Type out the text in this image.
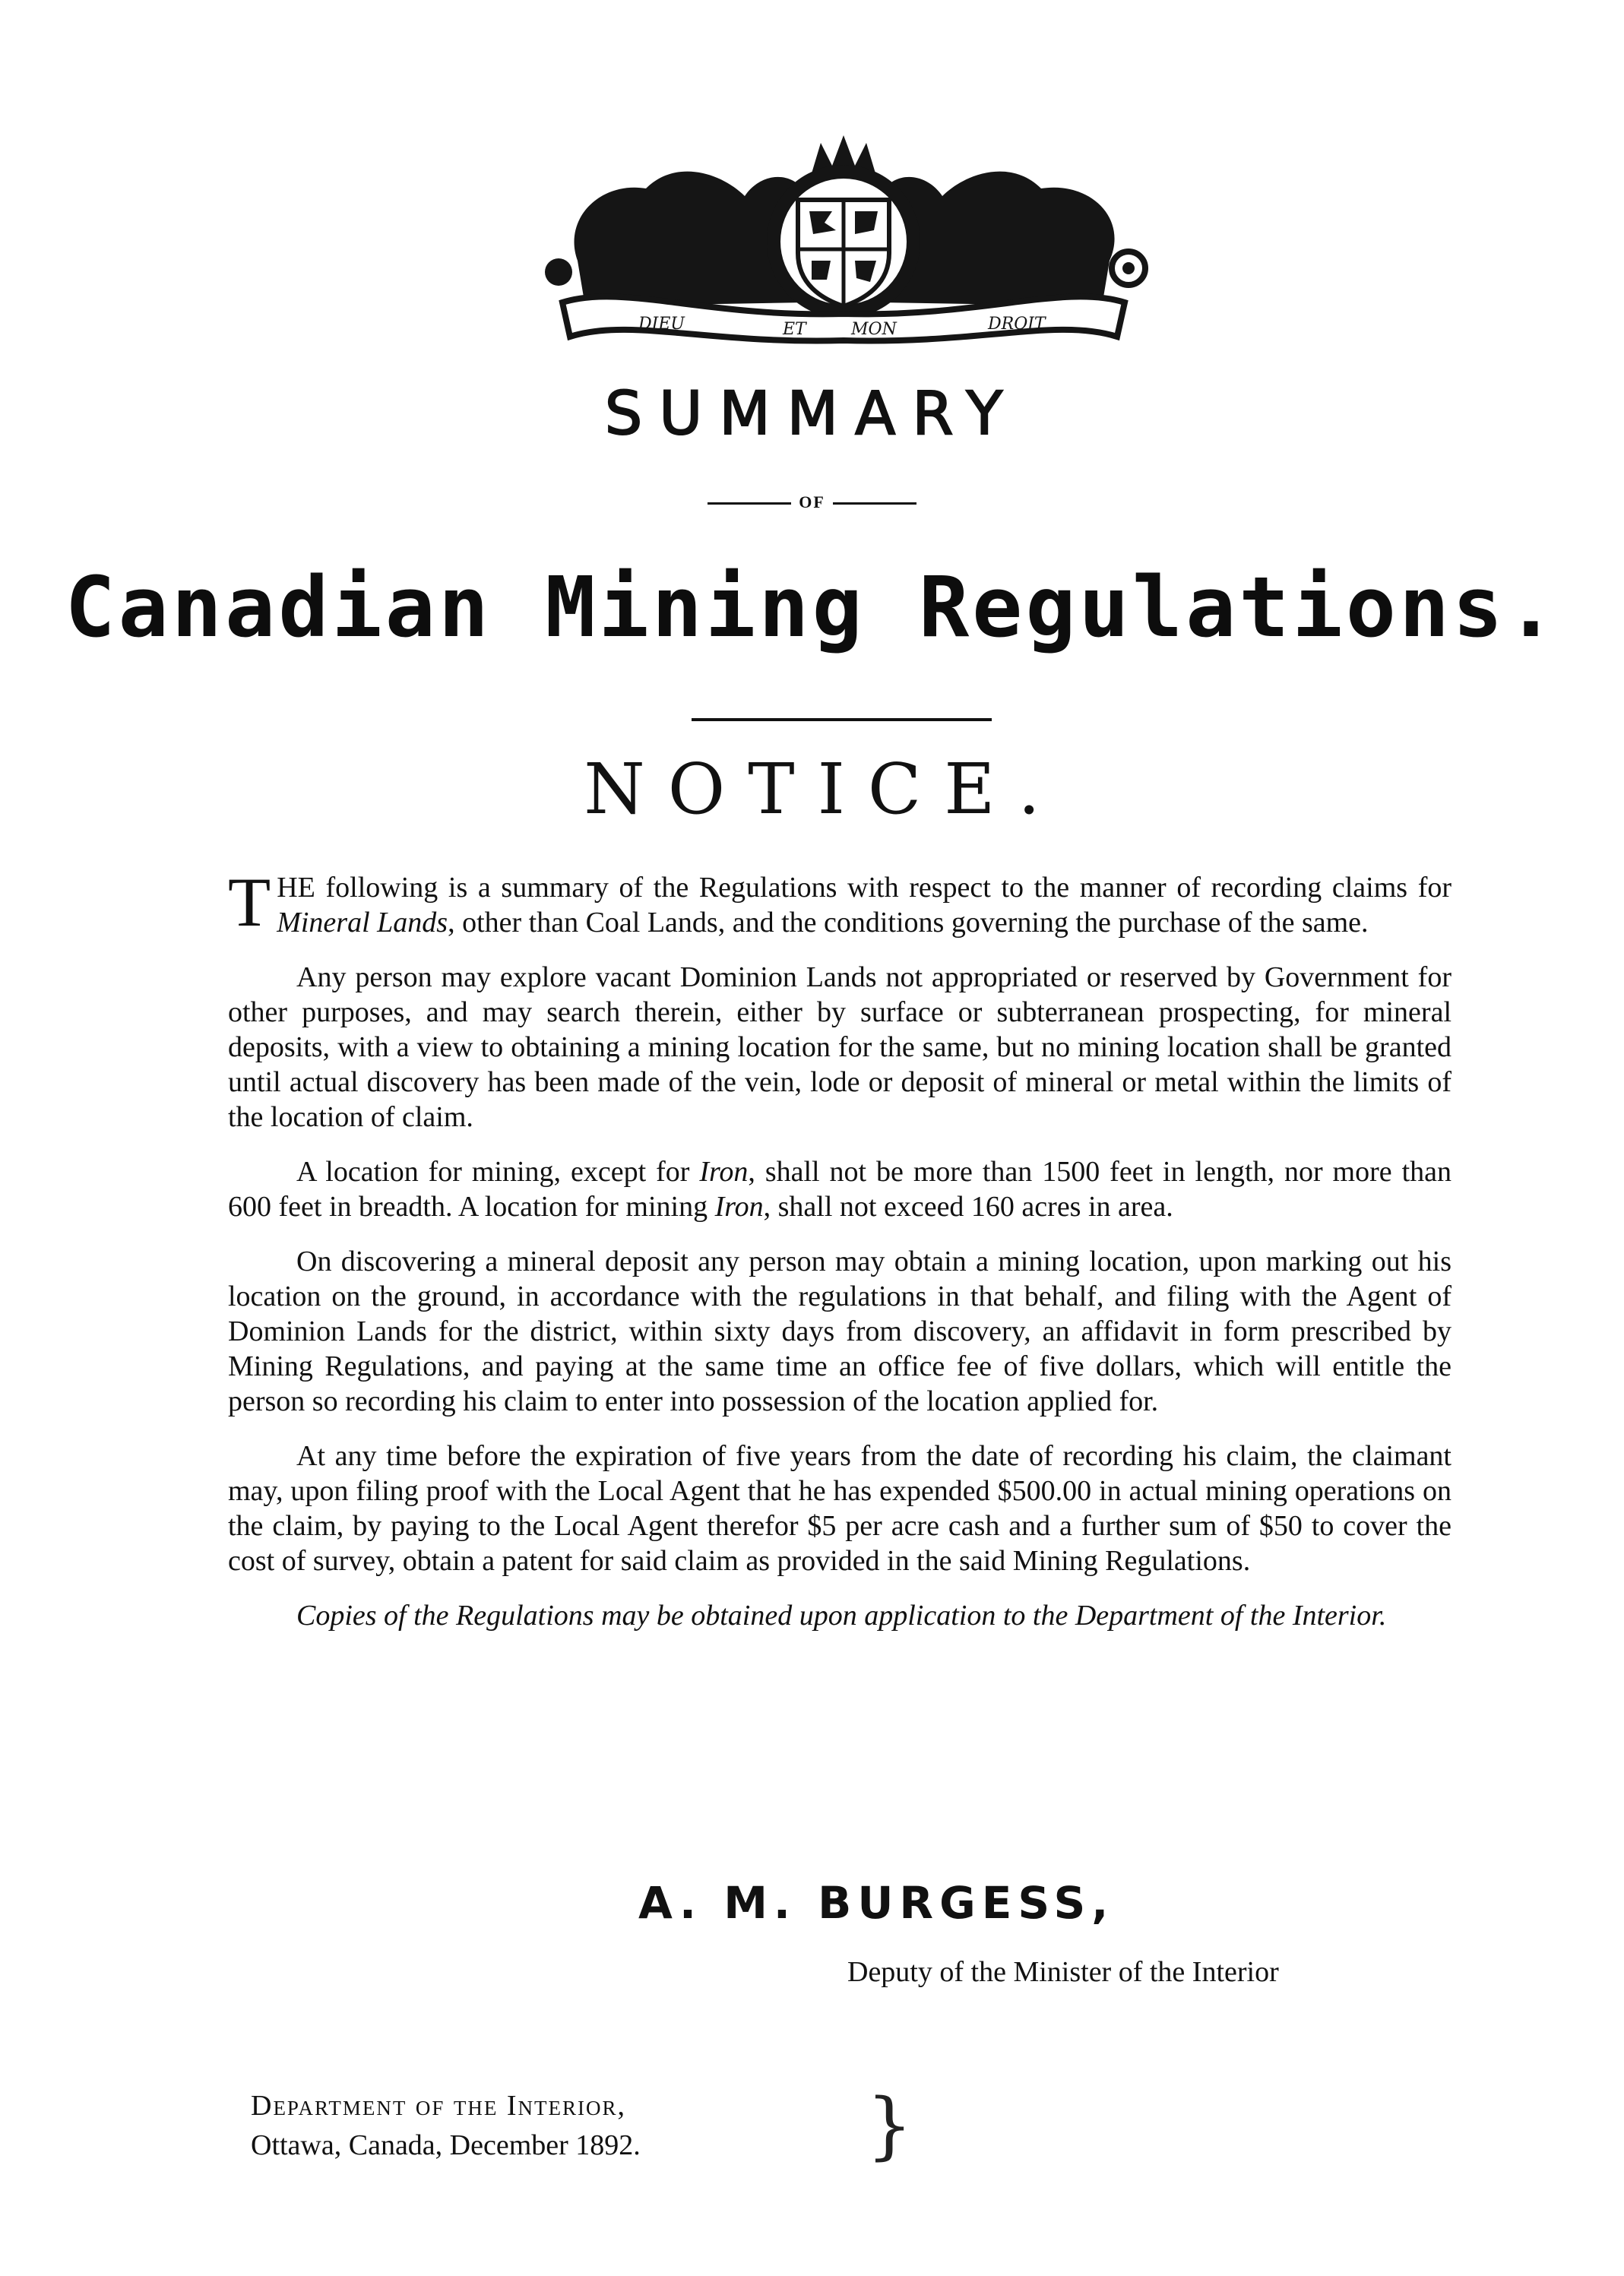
DIEU	ET	MON	DROIT
SUMMARY
OF
Canadian Mining Regulations.
NOTICE.

THE following is a summary of the Regulations with respect to the manner of recording claims for Mineral Lands, other than Coal Lands, and the conditions governing the purchase of the same.

Any person may explore vacant Dominion Lands not appropriated or reserved by Government for other purposes, and may search therein, either by surface or subterranean prospecting, for mineral deposits, with a view to obtaining a mining location for the same, but no mining location shall be granted until actual discovery has been made of the vein, lode or deposit of mineral or metal within the limits of the location of claim.

A location for mining, except for Iron, shall not be more than 1500 feet in length, nor more than 600 feet in breadth. A location for mining Iron, shall not exceed 160 acres in area.

On discovering a mineral deposit any person may obtain a mining location, upon marking out his location on the ground, in accordance with the regulations in that behalf, and filing with the Agent of Dominion Lands for the district, within sixty days from discovery, an affidavit in form prescribed by Mining Regulations, and paying at the same time an office fee of five dollars, which will entitle the person so recording his claim to enter into possession of the location applied for.

At any time before the expiration of five years from the date of recording his claim, the claimant may, upon filing proof with the Local Agent that he has expended $500.00 in actual mining operations on the claim, by paying to the Local Agent therefor $5 per acre cash and a further sum of $50 to cover the cost of survey, obtain a patent for said claim as provided in the said Mining Regulations.

Copies of the Regulations may be obtained upon application to the Department of the Interior.

A. M. BURGESS,
Deputy of the Minister of the Interior
Department of the Interior,
Ottawa, Canada, December 1892.	}
